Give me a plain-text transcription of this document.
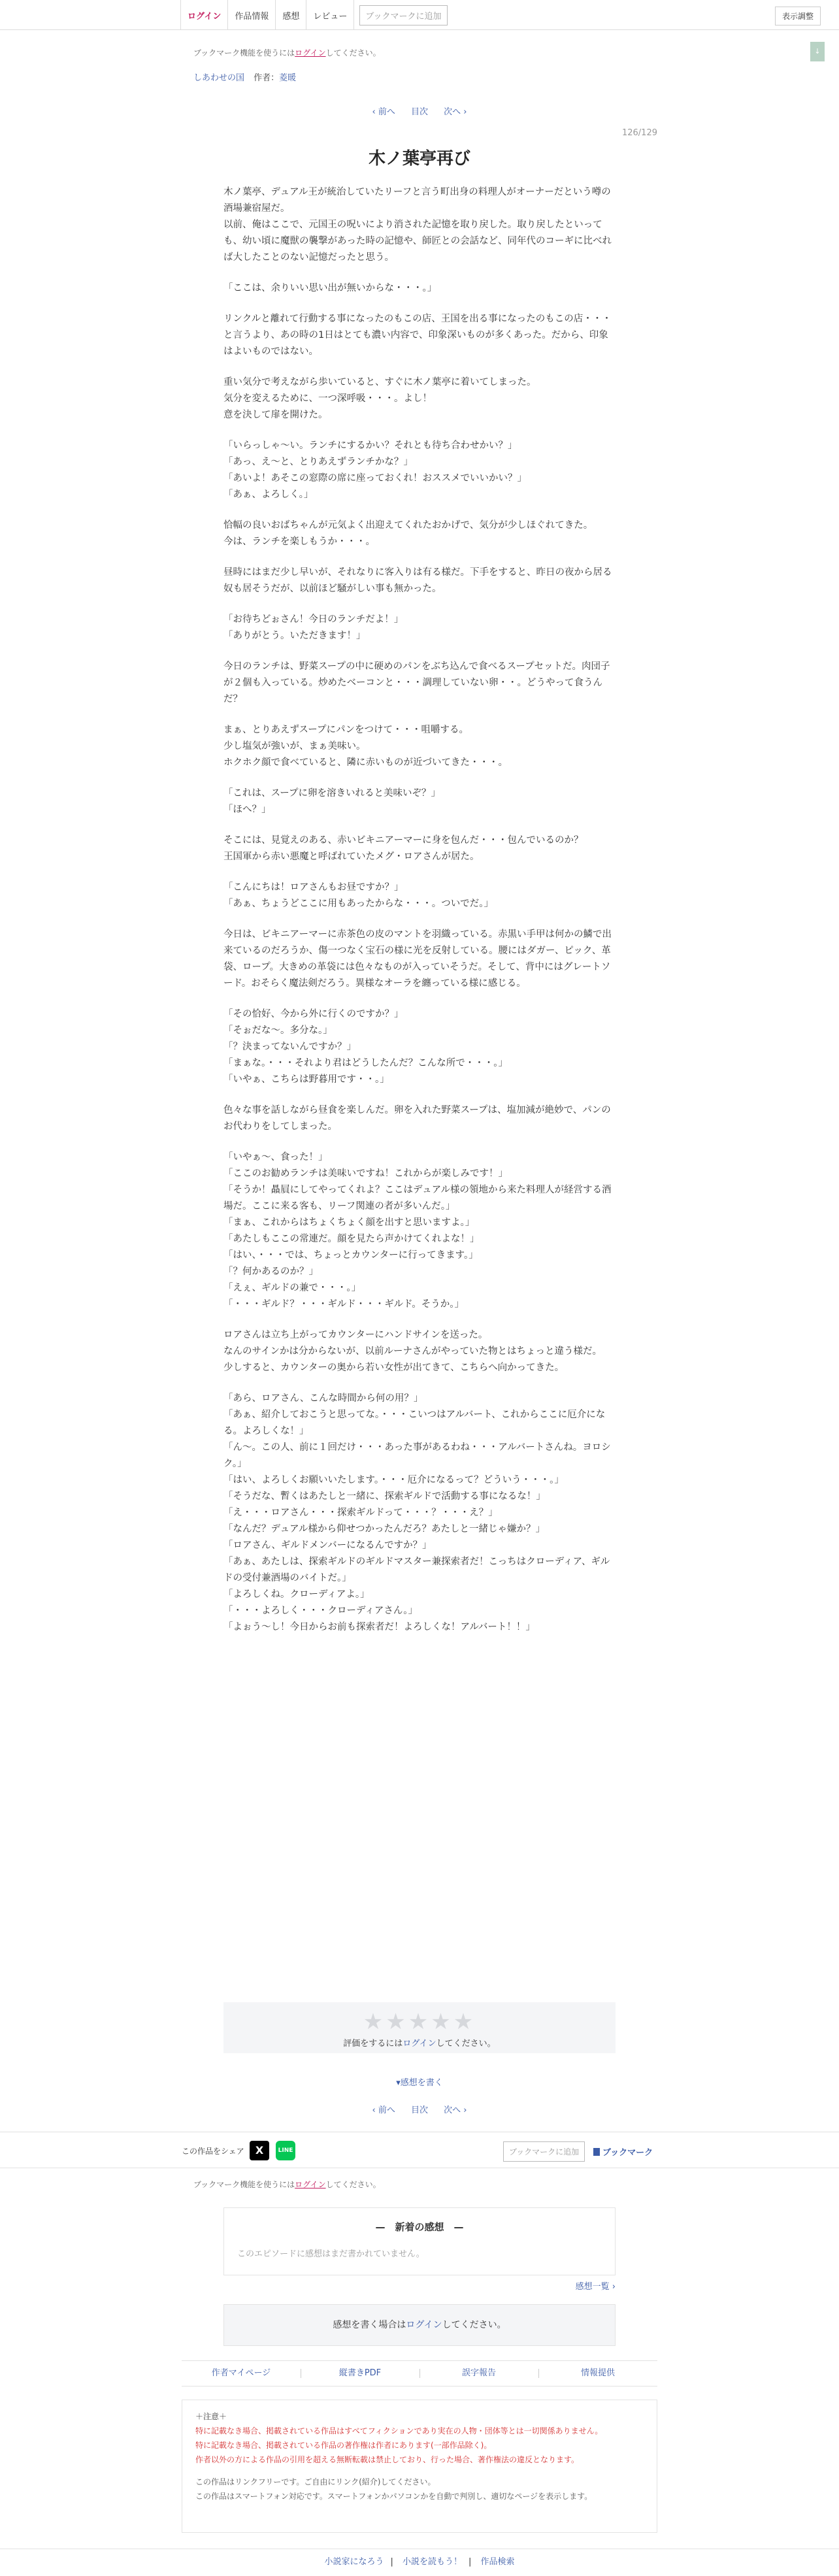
ログイン	作品情報	感想	レビュー	ブックマークに追加	表示調整
ブックマーク機能を使うにはログインしてください。	↓
しあわせの国 作者：菱暖
‹ 前へ 目次 次へ ›
126/129
木ノ葉亭再び

木ノ葉亭、デュアル王が統治していたリーフと言う町出身の料理人がオーナーだという噂の酒場兼宿屋だ。
以前、俺はここで、元国王の呪いにより消された記憶を取り戻した。取り戻したといっても、幼い頃に魔獣の襲撃があった時の記憶や、師匠との会話など、同年代のコーギに比べれば大したことのない記憶だったと思う。

「ここは、余りいい思い出が無いからな・・・。」

リンクルと離れて行動する事になったのもこの店、王国を出る事になったのもこの店・・・と言うより、あの時の1日はとても濃い内容で、印象深いものが多くあった。だから、印象はよいものではない。

重い気分で考えながら歩いていると、すぐに木ノ葉亭に着いてしまった。
気分を変えるために、一つ深呼吸・・・。よし！
意を決して扉を開けた。

「いらっしゃ～い。ランチにするかい？それとも待ち合わせかい？」
「あっ、え～と、とりあえずランチかな？」
「あいよ！あそこの窓際の席に座っておくれ！おススメでいいかい？」
「あぁ、よろしく。」

恰幅の良いおばちゃんが元気よく出迎えてくれたおかげで、気分が少しほぐれてきた。
今は、ランチを楽しもうか・・・。

昼時にはまだ少し早いが、それなりに客入りは有る様だ。下手をすると、昨日の夜から居る奴も居そうだが、以前ほど騒がしい事も無かった。

「お待ちどぉさん！今日のランチだよ！」
「ありがとう。いただきます！」

今日のランチは、野菜スープの中に硬めのパンをぶち込んで食べるスープセットだ。肉団子が２個も入っている。炒めたベーコンと・・・調理していない卵・・。どうやって食うんだ？

まぁ、とりあえずスープにパンをつけて・・・咀嚼する。
少し塩気が強いが、まぁ美味い。
ホクホク顔で食べていると、隣に赤いものが近づいてきた・・・。

「これは、スープに卵を溶きいれると美味いぞ？」
「ほへ？」

そこには、見覚えのある、赤いビキニアーマーに身を包んだ・・・包んでいるのか？
王国軍から赤い悪魔と呼ばれていたメグ・ロアさんが居た。

「こんにちは！ロアさんもお昼ですか？」
「あぁ、ちょうどここに用もあったからな・・・。ついでだ。」

今日は、ビキニアーマーに赤茶色の皮のマントを羽織っている。赤黒い手甲は何かの鱗で出来ているのだろうか、傷一つなく宝石の様に光を反射している。腰にはダガー、ピック、革袋、ロープ。大きめの革袋には色々なものが入っていそうだ。そして、背中にはグレートソード。おそらく魔法剣だろう。異様なオーラを纏っている様に感じる。

「その恰好、今から外に行くのですか？」
「そぉだな～。多分な。」
「？決まってないんですか？」
「まぁな。・・・それより君はどうしたんだ？こんな所で・・・。」
「いやぁ、こちらは野暮用です・・。」

色々な事を話しながら昼食を楽しんだ。卵を入れた野菜スープは、塩加減が絶妙で、パンのお代わりをしてしまった。

「いやぁ～、食った！」
「ここのお勧めランチは美味いですね！これからが楽しみです！」
「そうか！贔屓にしてやってくれよ？ここはデュアル様の領地から来た料理人が経営する酒場だ。ここに来る客も、リーフ関連の者が多いんだ。」
「まぁ、これからはちょくちょく顔を出すと思いますよ。」
「あたしもここの常連だ。顔を見たら声かけてくれよな！」
「はい、・・・では、ちょっとカウンターに行ってきます。」
「？何かあるのか？」
「えぇ、ギルドの兼で・・・。」
「・・・ギルド？・・・ギルド・・・ギルド。そうか。」

ロアさんは立ち上がってカウンターにハンドサインを送った。
なんのサインかは分からないが、以前ルーナさんがやっていた物とはちょっと違う様だ。
少しすると、カウンターの奥から若い女性が出てきて、こちらへ向かってきた。

「あら、ロアさん、こんな時間から何の用？」
「あぁ、紹介しておこうと思ってな。・・・こいつはアルバート、これからここに厄介になる。よろしくな！」
「ん～。この人、前に１回だけ・・・あった事があるわね・・・アルバートさんね。ヨロシク。」
「はい、よろしくお願いいたします。・・・厄介になるって？どういう・・・。」
「そうだな、暫くはあたしと一緒に、探索ギルドで活動する事になるな！」
「え・・・ロアさん・・・探索ギルドって・・・？・・・え？」
「なんだ？デュアル様から仰せつかったんだろ？あたしと一緒じゃ嫌か？」
「ロアさん、ギルドメンバーになるんですか？」
「あぁ、あたしは、探索ギルドのギルドマスター兼探索者だ！こっちはクローディア、ギルドの受付兼酒場のバイトだ。」
「よろしくね。クローディアよ。」
「・・・よろしく・・・クローディアさん。」
「よぉう～し！今日からお前も探索者だ！よろしくな！アルバート！！」

★★★★★
評価をするにはログインしてください。
▾感想を書く
‹ 前へ 目次 次へ ›
この作品をシェア	X	LINE	ブックマークに追加	ブックマーク
ブックマーク機能を使うにはログインしてください。
—　新着の感想　—
このエピソードに感想はまだ書かれていません。
感想一覧 ›
感想を書く場合はログインしてください。
作者マイページ	縦書きPDF	誤字報告	情報提供
＋注意＋
特に記載なき場合、掲載されている作品はすべてフィクションであり実在の人物・団体等とは一切関係ありません。
特に記載なき場合、掲載されている作品の著作権は作者にあります(一部作品除く)。
作者以外の方による作品の引用を超える無断転載は禁止しており、行った場合、著作権法の違反となります。
この作品はリンクフリーです。ご自由にリンク(紹介)してください。
この作品はスマートフォン対応です。スマートフォンかパソコンかを自動で判別し、適切なページを表示します。
小説家になろう | 小説を読もう！ | 作品検索
